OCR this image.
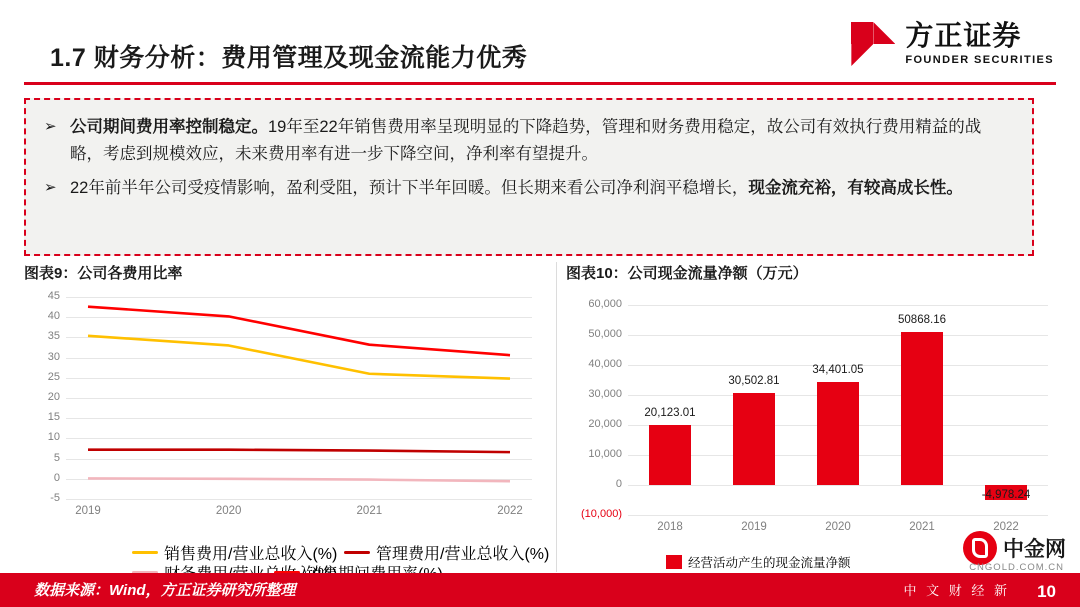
1.7 财务分析：费用管理及现金流能力优秀
方正证券
FOUNDER SECURITIES
➢ 公司期间费用率控制稳定。19年至22年销售费用率呈现明显的下降趋势，管理和财务费用稳定，故公司有效执行费用精益的战略，考虑到规模效应，未来费用率有进一步下降空间，净利率有望提升。
➢ 22年前半年公司受疫情影响，盈利受阻，预计下半年回暖。但长期来看公司净利润平稳增长，现金流充裕，有较高成长性。
图表9：公司各费用比率
-5
0
5
10
15
20
25
30
35
40
45
2019	2020	2021	2022
销售费用/营业总收入(%) 管理费用/营业总收入(%)
图表10：公司现金流量净额（万元）
(10,000)
0
10,000
20,000
30,000
40,000
50,000
60,000
20,123.01
2018
30,502.81
2019
34,401.05
2020
50868.16
2021
-4,978.24
2022
经营活动产生的现金流量净额
中金网
CNGOLD.COM.CN
数据来源：Wind，方正证券研究所整理	中 文 财 经 新 10
